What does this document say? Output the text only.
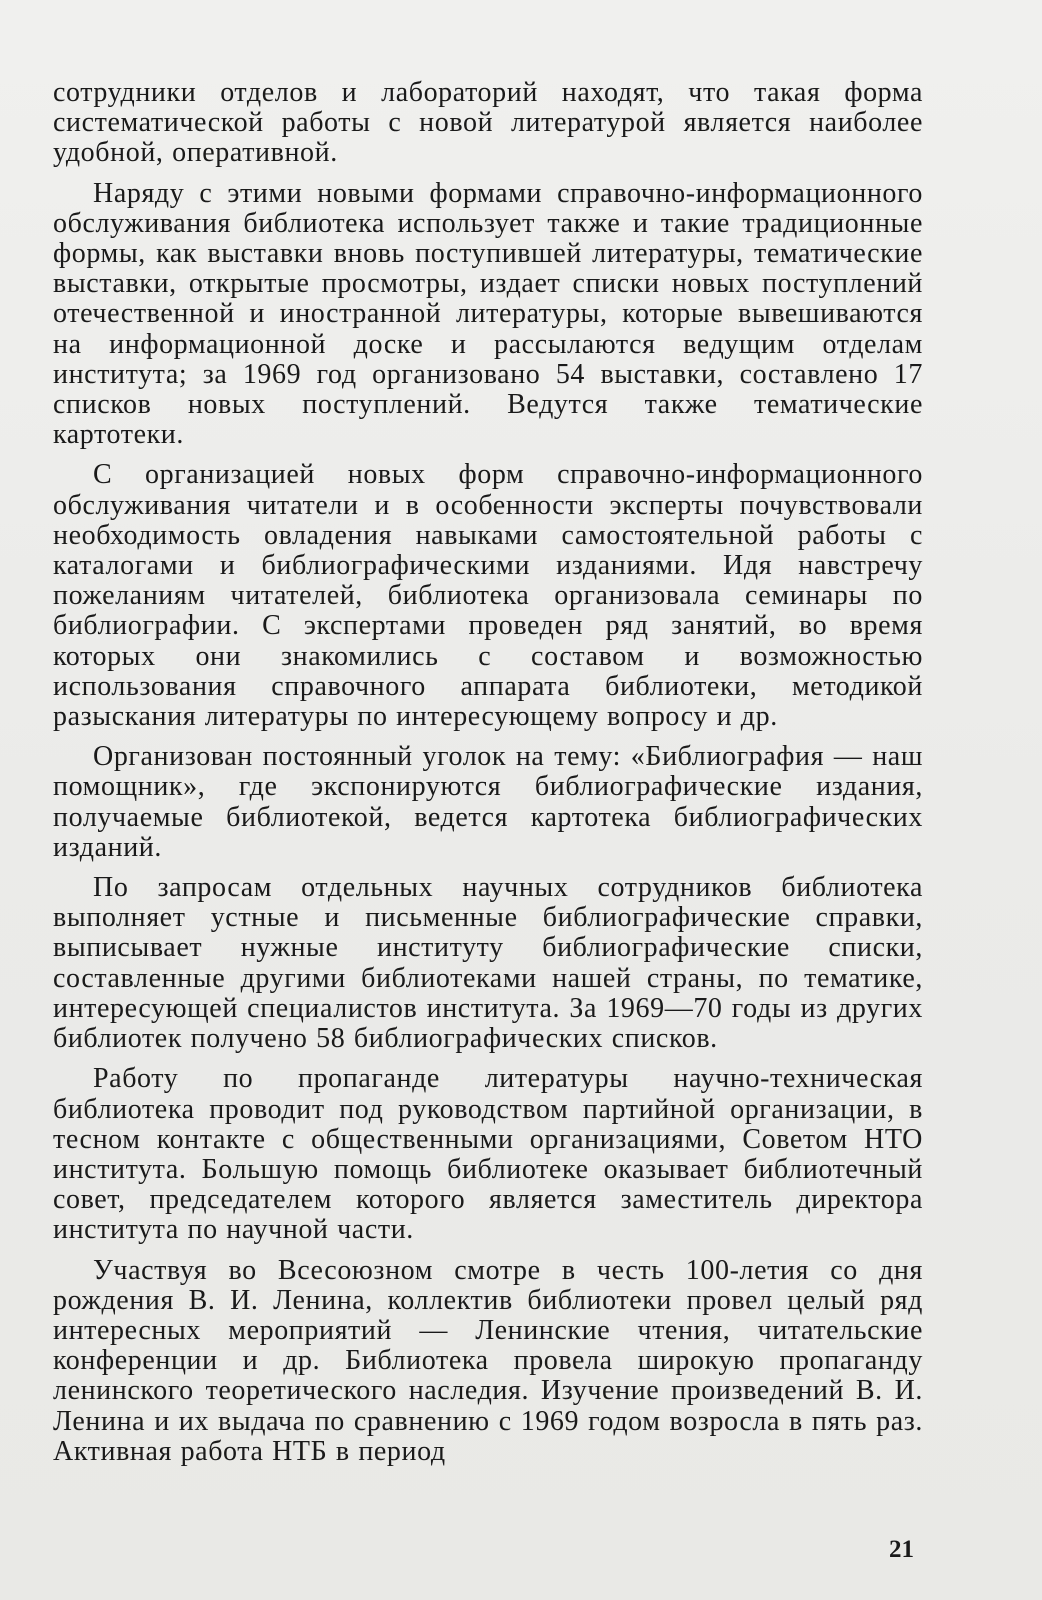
сотрудники отделов и лабораторий находят, что такая форма систематической работы с новой литературой является наиболее удобной, оперативной.

Наряду с этими новыми формами справочно-информационного обслуживания библиотека использует также и такие традиционные формы, как выставки вновь поступившей литературы, тематические выставки, открытые просмотры, издает списки новых поступлений отечественной и иностранной литературы, которые вывешиваются на информационной доске и рассылаются ведущим отделам института; за 1969 год организовано 54 выставки, составлено 17 списков новых поступлений. Ведутся также тематические картотеки.

С организацией новых форм справочно-информационного обслуживания читатели и в особенности эксперты почувствовали необходимость овладения навыками самостоятельной работы с каталогами и библиографическими изданиями. Идя навстречу пожеланиям читателей, библиотека организовала семинары по библиографии. С экспертами проведен ряд занятий, во время которых они знакомились с составом и возможностью использования справочного аппарата библиотеки, методикой разыскания литературы по интересующему вопросу и др.

Организован постоянный уголок на тему: «Библиография — наш помощник», где экспонируются библиографические издания, получаемые библиотекой, ведется картотека библиографических изданий.

По запросам отдельных научных сотрудников библиотека выполняет устные и письменные библиографические справки, выписывает нужные институту библиографические списки, составленные другими библиотеками нашей страны, по тематике, интересующей специалистов института. За 1969—70 годы из других библиотек получено 58 библиографических списков.

Работу по пропаганде литературы научно-техническая библиотека проводит под руководством партийной организации, в тесном контакте с общественными организациями, Советом НТО института. Большую помощь библиотеке оказывает библиотечный совет, председателем которого является заместитель директора института по научной части.

Участвуя во Всесоюзном смотре в честь 100-летия со дня рождения В. И. Ленина, коллектив библиотеки провел целый ряд интересных мероприятий — Ленинские чтения, читательские конференции и др. Библиотека провела широкую пропаганду ленинского теоретического наследия. Изучение произведений В. И. Ленина и их выдача по сравнению с 1969 годом возросла в пять раз. Активная работа НТБ в период

21
